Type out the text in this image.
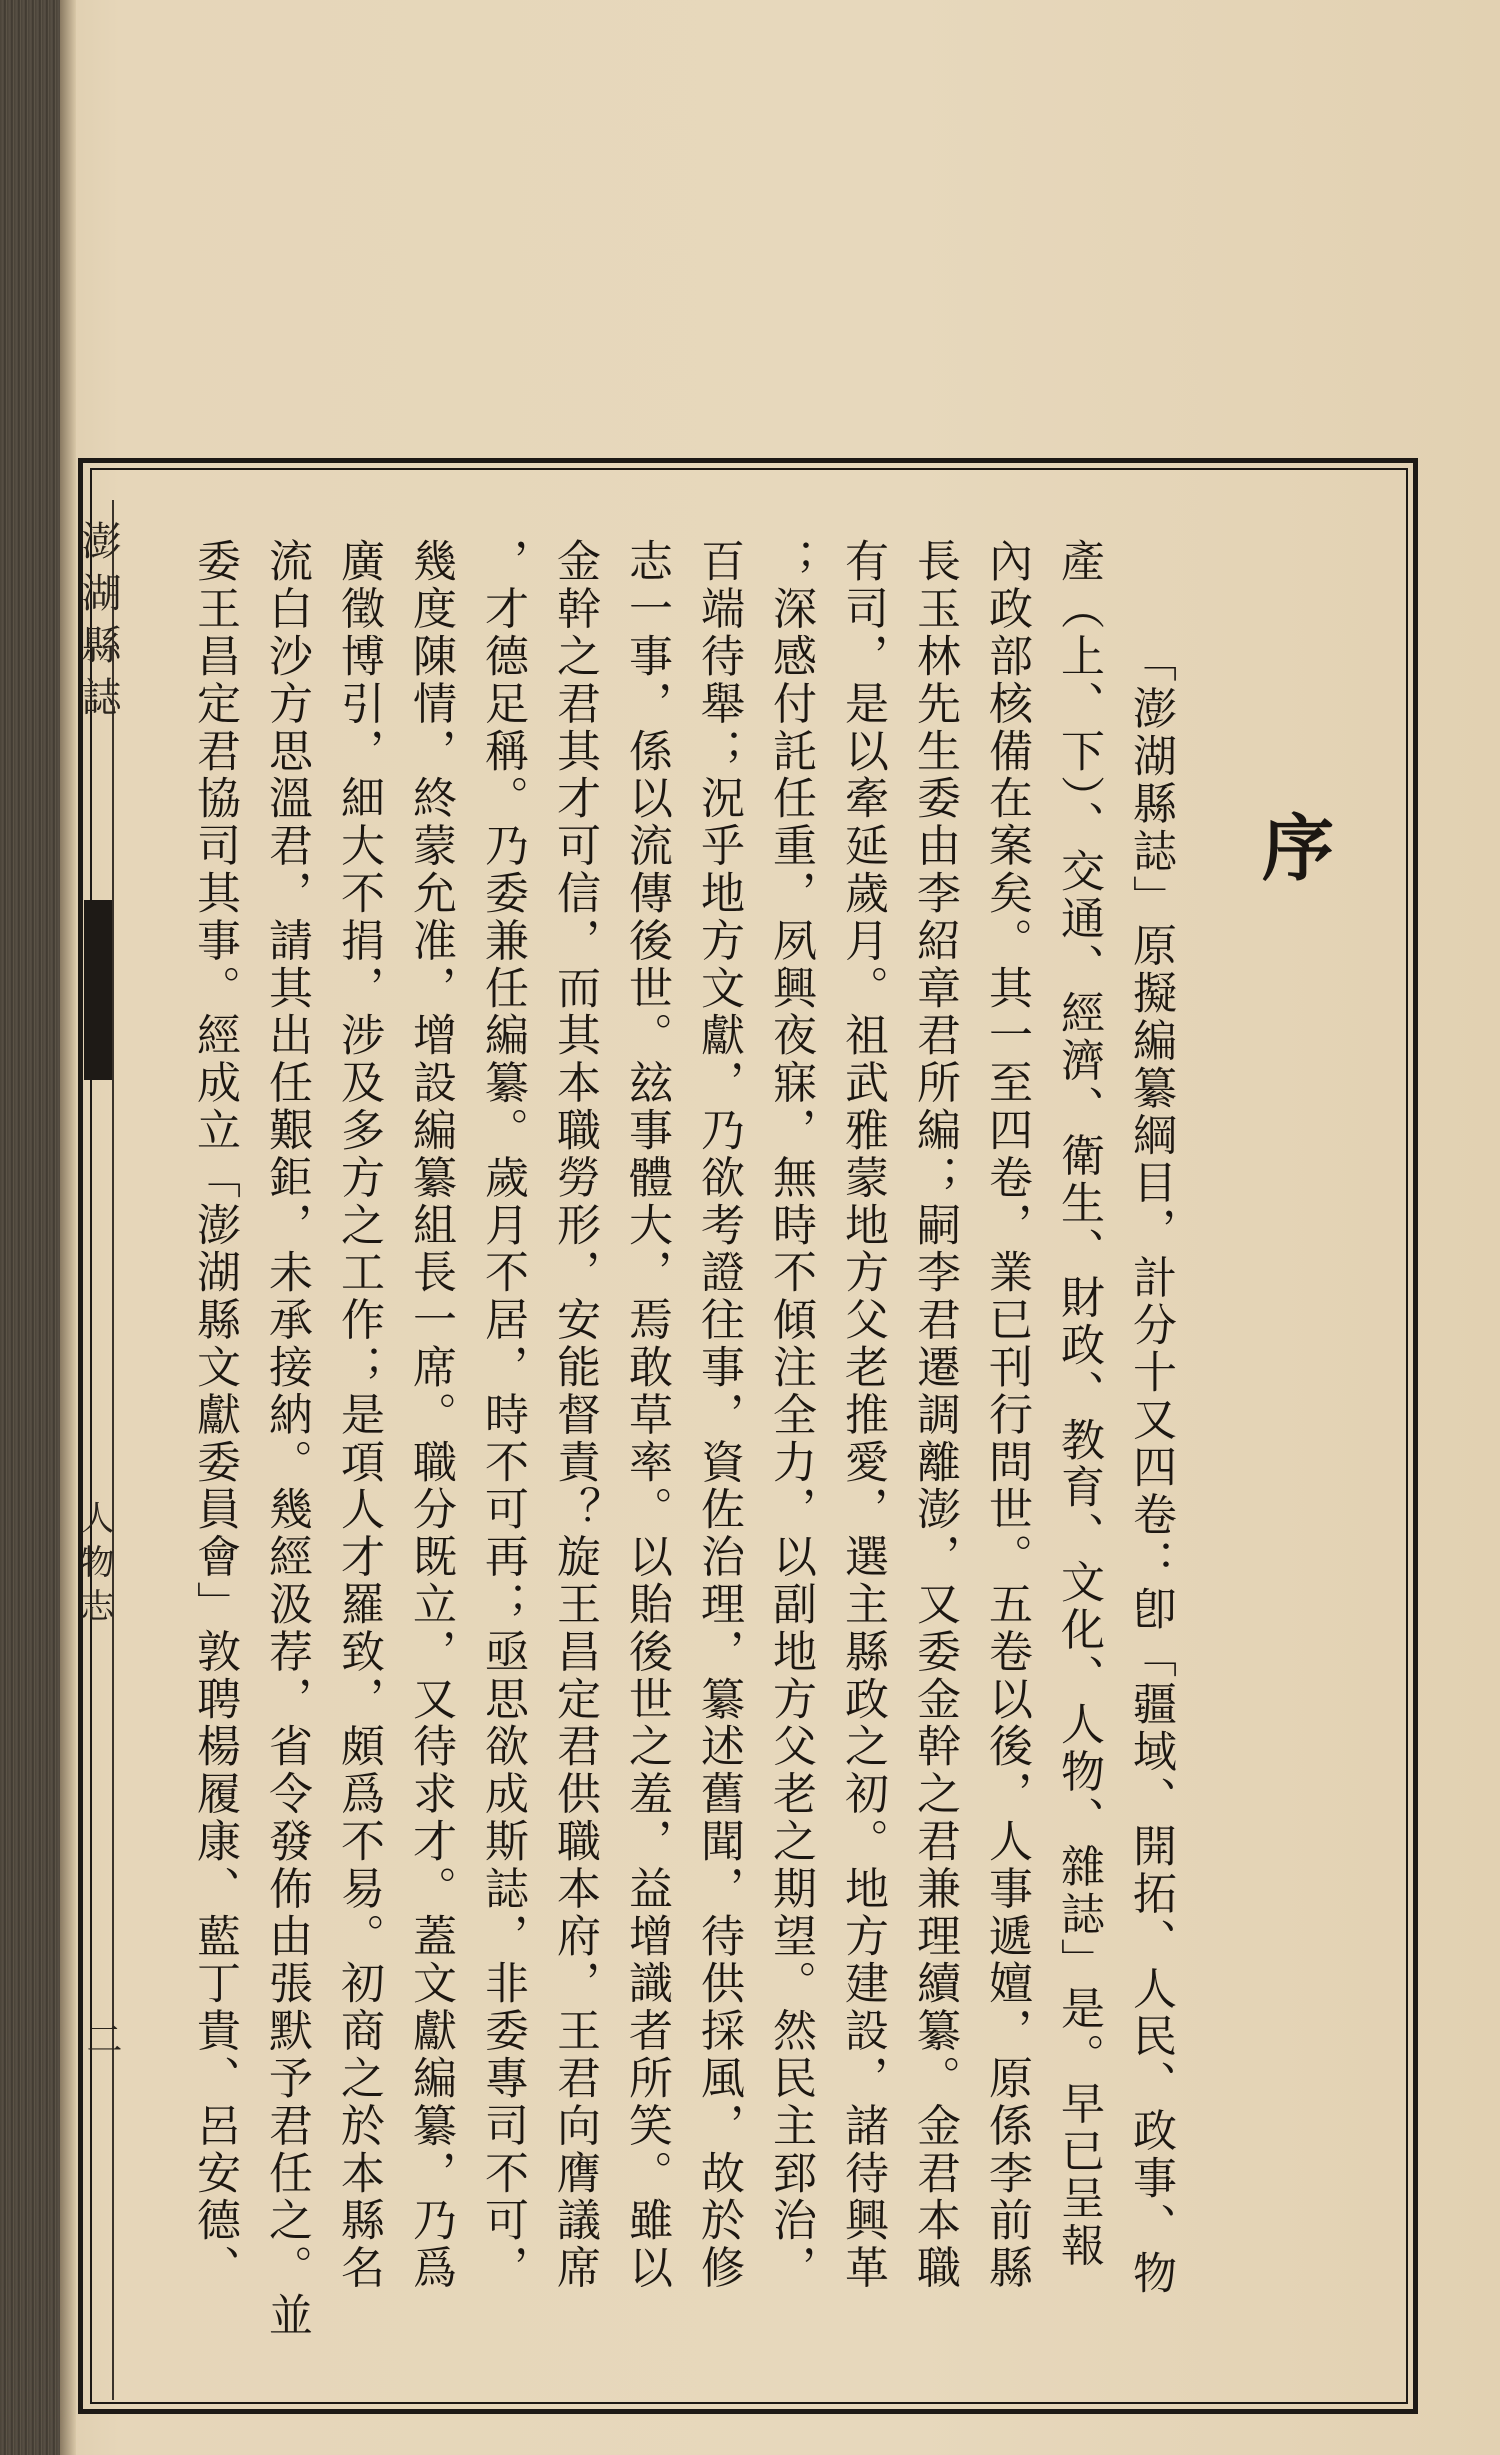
澎湖縣誌
人物志
二
序
「澎湖縣誌」原擬編纂綱目，計分十又四卷：卽「疆域、開拓、人民、政事、物
產（上、下）、交通、經濟、衛生、財政、教育、文化、人物、雜誌」是。早已呈報
內政部核備在案矣。其一至四卷，業已刊行問世。五卷以後，人事遞嬗，原係李前縣
長玉林先生委由李紹章君所編；嗣李君遷調離澎，又委金幹之君兼理續纂。金君本職
有司，是以牽延歲月。祖武雅蒙地方父老推愛，選主縣政之初。地方建設，諸待興革
；深感付託任重，夙興夜寐，無時不傾注全力，以副地方父老之期望。然民主郅治，
百端待舉；況乎地方文獻，乃欲考證往事，資佐治理，纂述舊聞，待供採風，故於修
志一事，係以流傳後世。玆事體大，焉敢草率。以貽後世之羞，益增識者所笑。雖以
金幹之君其才可信，而其本職勞形，安能督責？旋王昌定君供職本府，王君向膺議席
，才德足稱。乃委兼任編纂。歲月不居，時不可再；亟思欲成斯誌，非委專司不可，
幾度陳情，終蒙允准，增設編纂組長一席。職分既立，又待求才。蓋文獻編纂，乃爲
廣徵博引，細大不捐，涉及多方之工作；是項人才羅致，頗爲不易。初商之於本縣名
流白沙方思溫君，請其出任艱鉅，未承接納。幾經汲荐，省令發佈由張默予君任之。並
委王昌定君協司其事。經成立「澎湖縣文獻委員會」敦聘楊履康、藍丁貴、呂安德、
